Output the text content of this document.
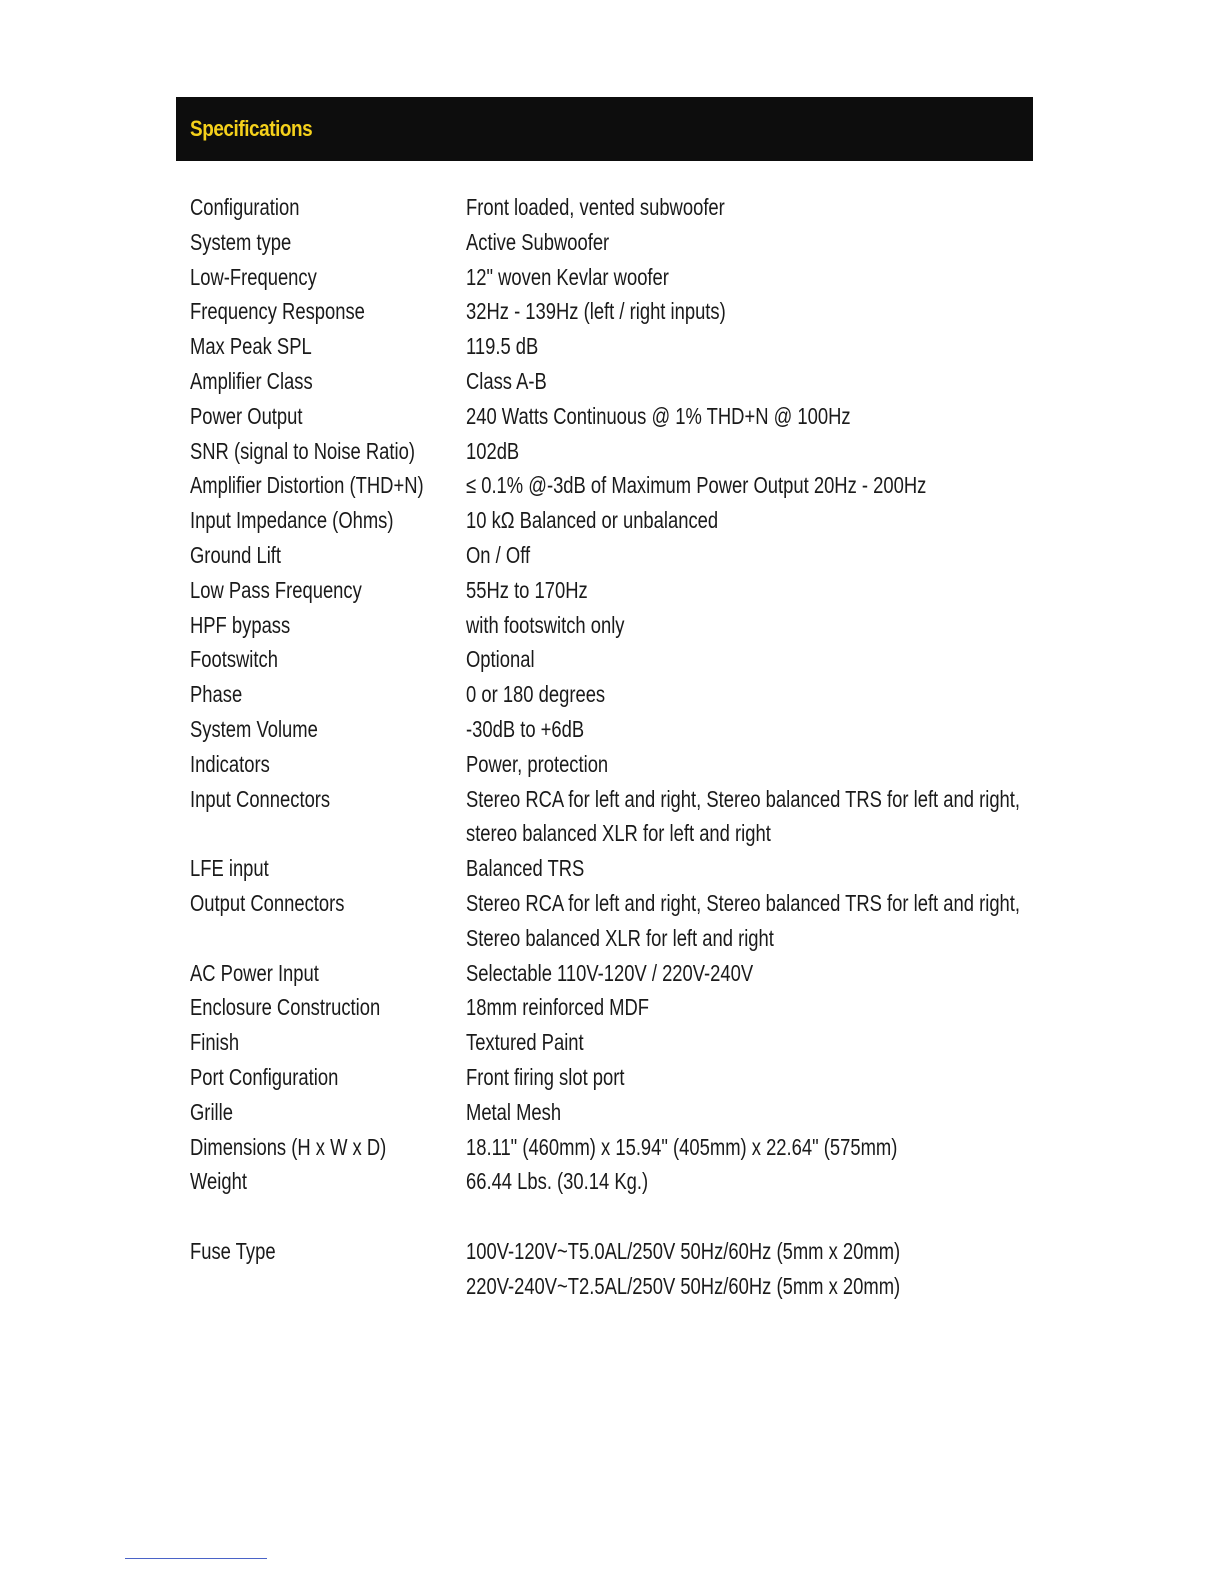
Specifications
Configuration	Front loaded, vented subwoofer
System type	Active Subwoofer
Low-Frequency	12" woven Kevlar woofer
Frequency Response	32Hz - 139Hz (left / right inputs)
Max Peak SPL	119.5 dB
Amplifier Class	Class A-B
Power Output	240 Watts Continuous @ 1% THD+N @ 100Hz
SNR (signal to Noise Ratio) 102dB
Amplifier Distortion (THD+N) ≤ 0.1% @-3dB of Maximum Power Output 20Hz - 200Hz
Input Impedance (Ohms)	10 kΩ Balanced or unbalanced
Ground Lift	On / Off
Low Pass Frequency	55Hz to 170Hz
HPF bypass	with footswitch only
Footswitch	Optional
Phase	0 or 180 degrees
System Volume	-30dB to +6dB
Indicators	Power, protection
Input Connectors	Stereo RCA for left and right, Stereo balanced TRS for left and right,
stereo balanced XLR for left and right
LFE input	Balanced TRS
Output Connectors	Stereo RCA for left and right, Stereo balanced TRS for left and right,
Stereo balanced XLR for left and right
AC Power Input	Selectable 110V-120V / 220V-240V
Enclosure Construction	18mm reinforced MDF
Finish	Textured Paint
Port Configuration	Front firing slot port
Grille	Metal Mesh
Dimensions (H x W x D)	18.11" (460mm) x 15.94" (405mm) x 22.64" (575mm)
Weight	66.44 Lbs. (30.14 Kg.)
Fuse Type	100V-120V~T5.0AL/250V 50Hz/60Hz (5mm x 20mm)
220V-240V~T2.5AL/250V 50Hz/60Hz (5mm x 20mm)
